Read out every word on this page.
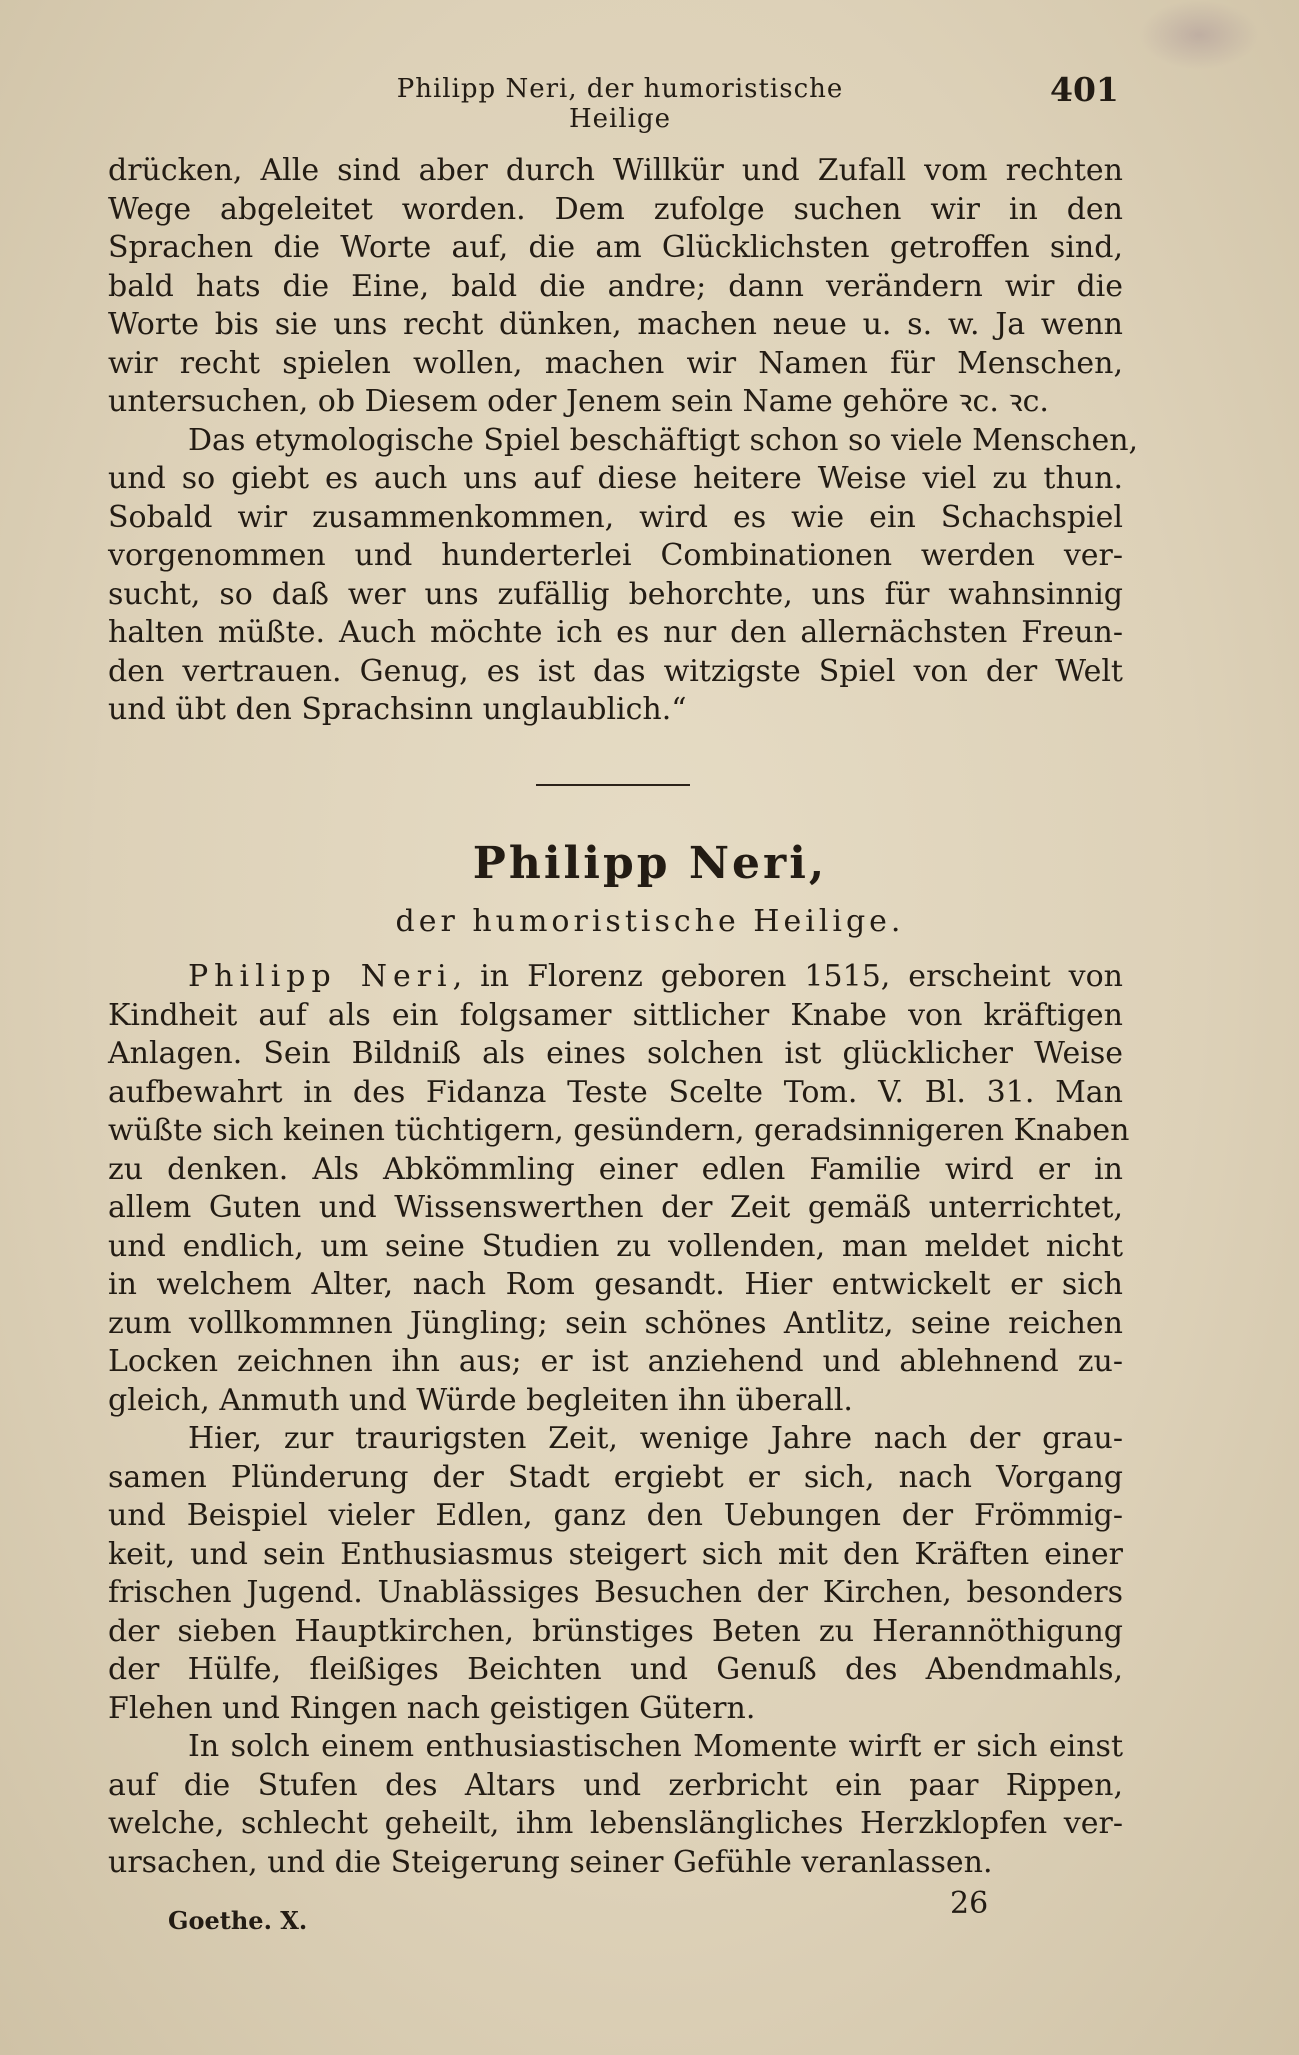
Philipp Neri, der humoristische Heilige
401
drücken, Alle sind aber durch Willkür und Zufall vom rechten
Wege abgeleitet worden. Dem zufolge suchen wir in den
Sprachen die Worte auf, die am Glücklichsten getroffen sind,
bald hats die Eine, bald die andre; dann verändern wir die
Worte bis sie uns recht dünken, machen neue u. s. w. Ja wenn
wir recht spielen wollen, machen wir Namen für Menschen,
untersuchen, ob Diesem oder Jenem sein Name gehöre ꝛc. ꝛc.
Das etymologische Spiel beschäftigt schon so viele Menschen,
und so giebt es auch uns auf diese heitere Weise viel zu thun.
Sobald wir zusammenkommen, wird es wie ein Schachspiel
vorgenommen und hunderterlei Combinationen werden ver-
sucht, so daß wer uns zufällig behorchte, uns für wahnsinnig
halten müßte. Auch möchte ich es nur den allernächsten Freun-
den vertrauen. Genug, es ist das witzigste Spiel von der Welt
und übt den Sprachsinn unglaublich.“
Philipp Neri,
der humoristische Heilige.
Philipp Neri, in Florenz geboren 1515, erscheint von
Kindheit auf als ein folgsamer sittlicher Knabe von kräftigen
Anlagen. Sein Bildniß als eines solchen ist glücklicher Weise
aufbewahrt in des Fidanza Teste Scelte Tom. V. Bl. 31. Man
wüßte sich keinen tüchtigern, gesündern, geradsinnigeren Knaben
zu denken. Als Abkömmling einer edlen Familie wird er in
allem Guten und Wissenswerthen der Zeit gemäß unterrichtet,
und endlich, um seine Studien zu vollenden, man meldet nicht
in welchem Alter, nach Rom gesandt. Hier entwickelt er sich
zum vollkommnen Jüngling; sein schönes Antlitz, seine reichen
Locken zeichnen ihn aus; er ist anziehend und ablehnend zu-
gleich, Anmuth und Würde begleiten ihn überall.
Hier, zur traurigsten Zeit, wenige Jahre nach der grau-
samen Plünderung der Stadt ergiebt er sich, nach Vorgang
und Beispiel vieler Edlen, ganz den Uebungen der Frömmig-
keit, und sein Enthusiasmus steigert sich mit den Kräften einer
frischen Jugend. Unablässiges Besuchen der Kirchen, besonders
der sieben Hauptkirchen, brünstiges Beten zu Herannöthigung
der Hülfe, fleißiges Beichten und Genuß des Abendmahls,
Flehen und Ringen nach geistigen Gütern.
In solch einem enthusiastischen Momente wirft er sich einst
auf die Stufen des Altars und zerbricht ein paar Rippen,
welche, schlecht geheilt, ihm lebenslängliches Herzklopfen ver-
ursachen, und die Steigerung seiner Gefühle veranlassen.
Goethe. X.	26
